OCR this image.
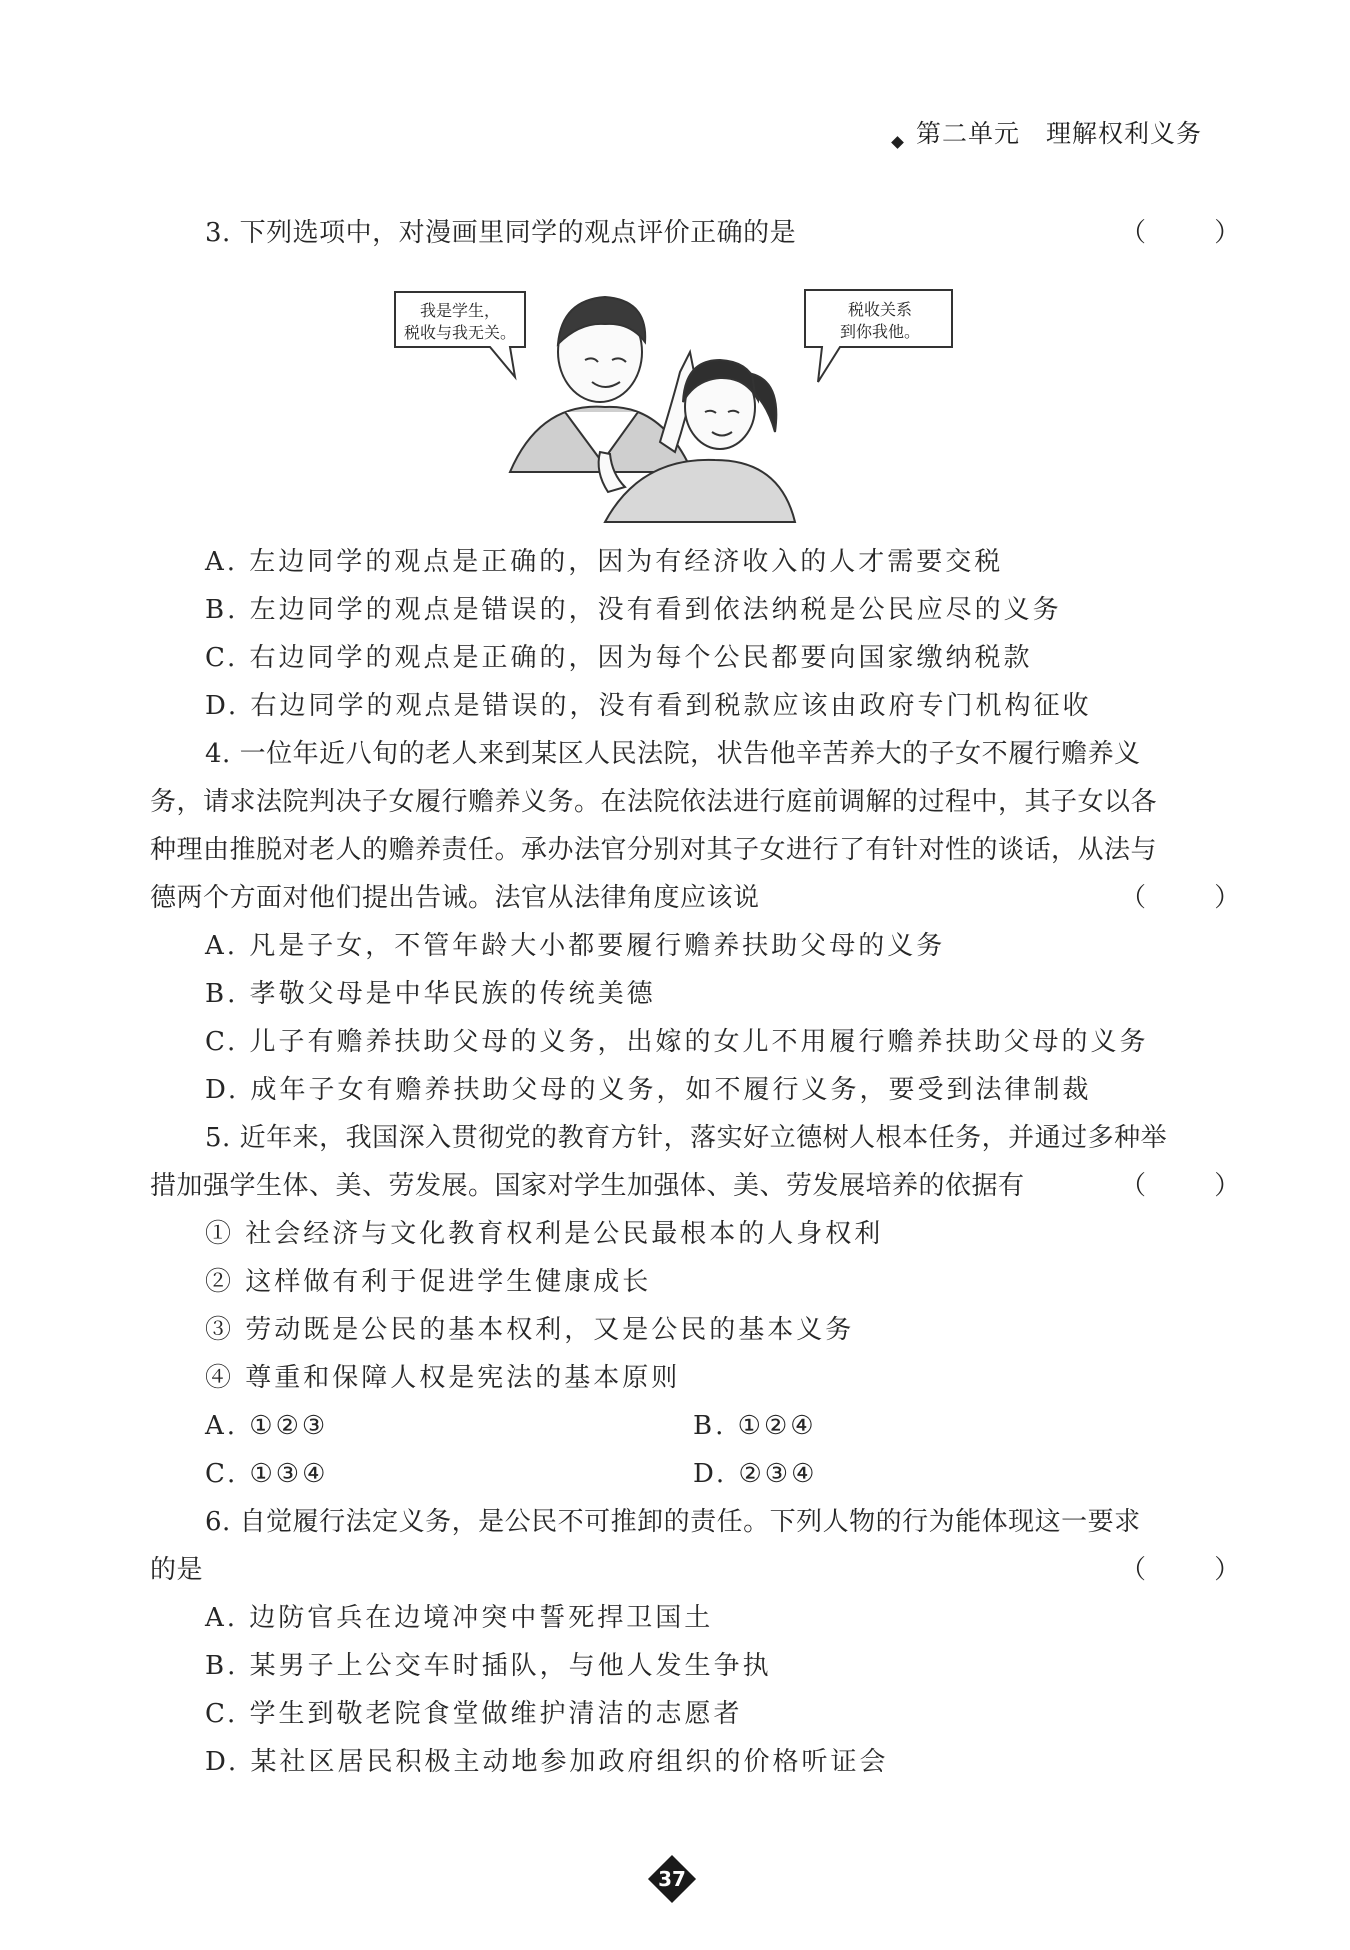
第二单元 理解权利义务
3. 下列选项中，对漫画里同学的观点评价正确的是	（ ）
我是学生，
税收与我无关。
税收关系
到你我他。
A. 左边同学的观点是正确的，因为有经济收入的人才需要交税
B. 左边同学的观点是错误的，没有看到依法纳税是公民应尽的义务
C. 右边同学的观点是正确的，因为每个公民都要向国家缴纳税款
D. 右边同学的观点是错误的，没有看到税款应该由政府专门机构征收
4. 一位年近八旬的老人来到某区人民法院，状告他辛苦养大的子女不履行赡养义
务，请求法院判决子女履行赡养义务。在法院依法进行庭前调解的过程中，其子女以各
种理由推脱对老人的赡养责任。承办法官分别对其子女进行了有针对性的谈话，从法与
德两个方面对他们提出告诫。法官从法律角度应该说	（ ）
A. 凡是子女，不管年龄大小都要履行赡养扶助父母的义务
B. 孝敬父母是中华民族的传统美德
C. 儿子有赡养扶助父母的义务，出嫁的女儿不用履行赡养扶助父母的义务
D. 成年子女有赡养扶助父母的义务，如不履行义务，要受到法律制裁
5. 近年来，我国深入贯彻党的教育方针，落实好立德树人根本任务，并通过多种举
措加强学生体、美、劳发展。国家对学生加强体、美、劳发展培养的依据有	（ ）
① 社会经济与文化教育权利是公民最根本的人身权利
② 这样做有利于促进学生健康成长
③ 劳动既是公民的基本权利，又是公民的基本义务
④ 尊重和保障人权是宪法的基本原则
A. ①②③	B. ①②④
C. ①③④	D. ②③④
6. 自觉履行法定义务，是公民不可推卸的责任。下列人物的行为能体现这一要求
的是	（ ）
A. 边防官兵在边境冲突中誓死捍卫国土
B. 某男子上公交车时插队，与他人发生争执
C. 学生到敬老院食堂做维护清洁的志愿者
D. 某社区居民积极主动地参加政府组织的价格听证会
37
